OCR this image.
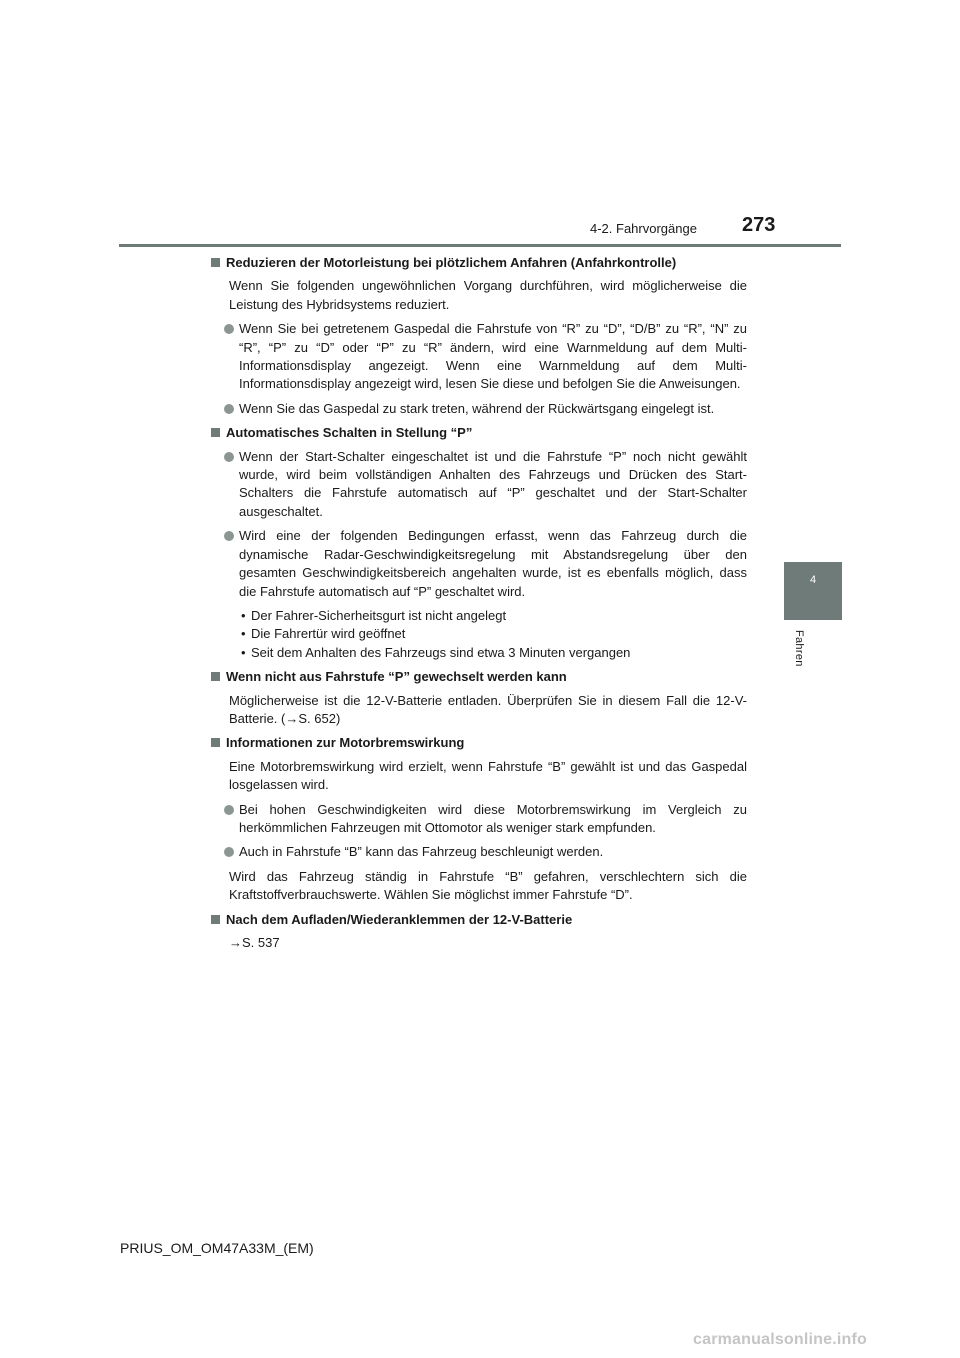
4-2. Fahrvorgänge 273
4
Fahren

Reduzieren der Motorleistung bei plötzlichem Anfahren (Anfahrkontrolle)

Wenn Sie folgenden ungewöhnlichen Vorgang durchführen, wird möglicherweise die Leistung des Hybridsystems reduziert.

Wenn Sie bei getretenem Gaspedal die Fahrstufe von “R” zu “D”, “D/B” zu “R”, “N” zu “R”, “P” zu “D” oder “P” zu “R” ändern, wird eine Warnmeldung auf dem Multi-Informationsdisplay angezeigt. Wenn eine Warnmeldung auf dem Multi-Informationsdisplay angezeigt wird, lesen Sie diese und befolgen Sie die Anweisungen.

Wenn Sie das Gaspedal zu stark treten, während der Rückwärtsgang eingelegt ist.

Automatisches Schalten in Stellung “P”

Wenn der Start-Schalter eingeschaltet ist und die Fahrstufe “P” noch nicht gewählt wurde, wird beim vollständigen Anhalten des Fahrzeugs und Drücken des Start-Schalters die Fahrstufe automatisch auf “P” geschaltet und der Start-Schalter ausgeschaltet.

Wird eine der folgenden Bedingungen erfasst, wenn das Fahrzeug durch die dynamische Radar-Geschwindigkeitsregelung mit Abstandsregelung über den gesamten Geschwindigkeitsbereich angehalten wurde, ist es ebenfalls möglich, dass die Fahrstufe automatisch auf “P” geschaltet wird.

• Der Fahrer-Sicherheitsgurt ist nicht angelegt

• Die Fahrertür wird geöffnet

• Seit dem Anhalten des Fahrzeugs sind etwa 3 Minuten vergangen

Wenn nicht aus Fahrstufe “P” gewechselt werden kann

Möglicherweise ist die 12-V-Batterie entladen. Überprüfen Sie in diesem Fall die 12-V-Batterie. (→S. 652)

Informationen zur Motorbremswirkung

Eine Motorbremswirkung wird erzielt, wenn Fahrstufe “B” gewählt ist und das Gaspedal losgelassen wird.

Bei hohen Geschwindigkeiten wird diese Motorbremswirkung im Vergleich zu herkömmlichen Fahrzeugen mit Ottomotor als weniger stark empfunden.

Auch in Fahrstufe “B” kann das Fahrzeug beschleunigt werden.

Wird das Fahrzeug ständig in Fahrstufe “B” gefahren, verschlechtern sich die Kraftstoffverbrauchswerte. Wählen Sie möglichst immer Fahrstufe “D”.

Nach dem Aufladen/Wiederanklemmen der 12-V-Batterie

→S. 537

PRIUS_OM_OM47A33M_(EM)
carmanualsonline.info
